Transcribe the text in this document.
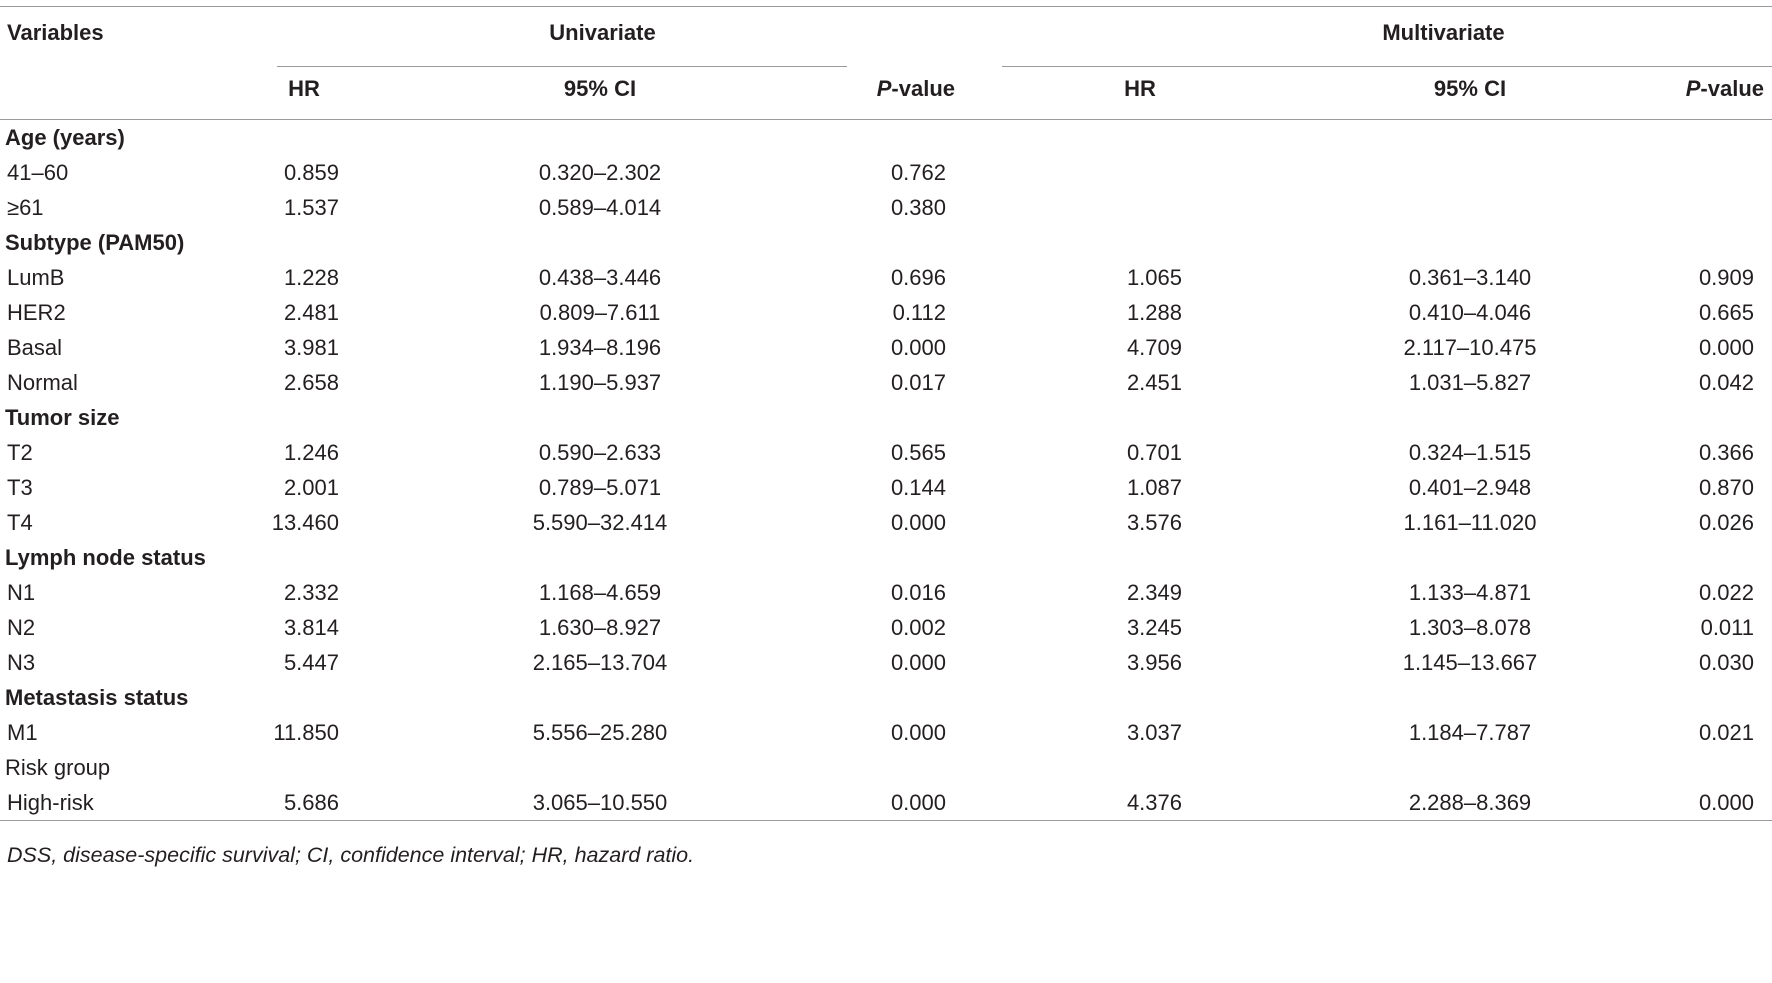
Variables	Univariate				Multivariate		
	HR	95% CI	P-value		HR	95% CI	P-value
Age (years)							
41–60	0.859	0.320–2.302	0.762				
≥61	1.537	0.589–4.014	0.380				
Subtype (PAM50)							
LumB	1.228	0.438–3.446	0.696		1.065	0.361–3.140	0.909
HER2	2.481	0.809–7.611	0.112		1.288	0.410–4.046	0.665
Basal	3.981	1.934–8.196	0.000		4.709	2.117–10.475	0.000
Normal	2.658	1.190–5.937	0.017		2.451	1.031–5.827	0.042
Tumor size							
T2	1.246	0.590–2.633	0.565		0.701	0.324–1.515	0.366
T3	2.001	0.789–5.071	0.144		1.087	0.401–2.948	0.870
T4	13.460	5.590–32.414	0.000		3.576	1.161–11.020	0.026
Lymph node status							
N1	2.332	1.168–4.659	0.016		2.349	1.133–4.871	0.022
N2	3.814	1.630–8.927	0.002		3.245	1.303–8.078	0.011
N3	5.447	2.165–13.704	0.000		3.956	1.145–13.667	0.030
Metastasis status							
M1	11.850	5.556–25.280	0.000		3.037	1.184–7.787	0.021
Risk group							
High-risk	5.686	3.065–10.550	0.000		4.376	2.288–8.369	0.000
DSS, disease-specific survival; CI, confidence interval; HR, hazard ratio.
